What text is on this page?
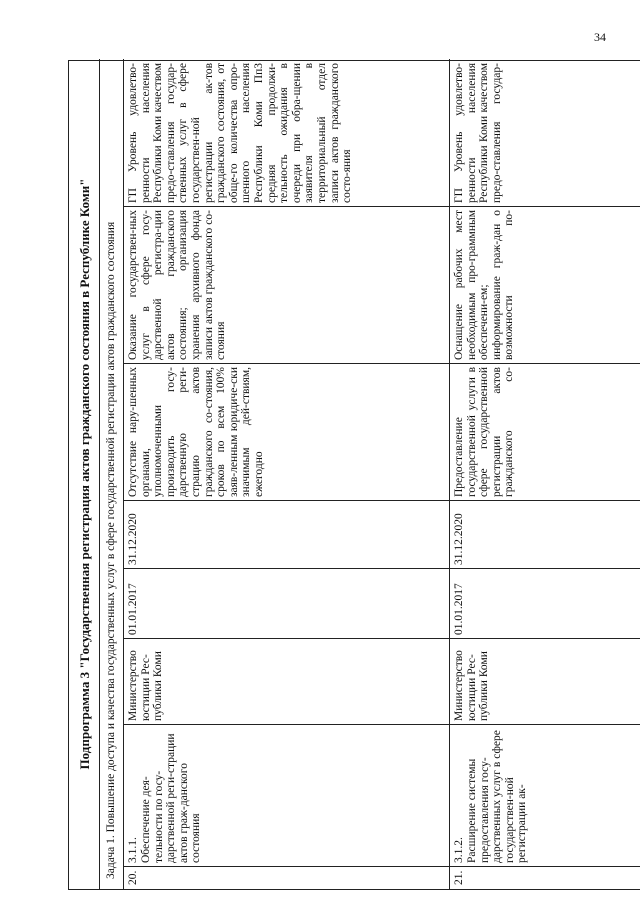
34
Подпрограмма 3 "Государственная регистрация актов гражданского состояния в Республике Коми"	Задача 1. Повышение доступа и качества государственных услуг в сфере государственной регистрации актов гражданского состояния 20.
3.1.1. Обеспечение дея-тельности по госу-дарственной реги-страции актов граж-данского состояния
Министерство юстиции Рес-публики Коми
01.01.2017
31.12.2020
Отсутствие нару-шенных органами, уполномоченными производить госу-дарственную реги-страцию актов гражданского со-стояния, сроков по всем 100% заяв-ленным юридиче-ски значимым дей-ствиям, ежегодно
Оказание государствен-ных услуг в сфере госу-дарственной регистра-ции актов гражданского состояния; организация хранения архивного фонда записи актов гражданского со-стояния
ГП Уровень удовлетво-ренности населения Республики Коми качеством предо-ставления государ-ственных услуг в сфере государствен-ной регистрации ак-тов гражданского состояния, от обще-го количества опро-шенного населения Республики Коми Пп3 средняя продолжи-тельность ожидания в очереди при обра-щении заявителя в территориальный отдел записи актов гражданского состо-яния
21.
3.1.2. Расширение системы предоставления госу-дарственных услуг в сфере государствен-ной регистрации ак-
Министерство юстиции Рес-публики Коми
01.01.2017
31.12.2020
Предоставление государственной услуги в сфере государственной регистрации актов гражданского со-
Оснащение рабочих мест необходимым про-граммным обеспечени-ем; информирование граж-дан о возможности по-
ГП Уровень удовлетво-ренности населения Республики Коми качеством предо-ставления государ-
